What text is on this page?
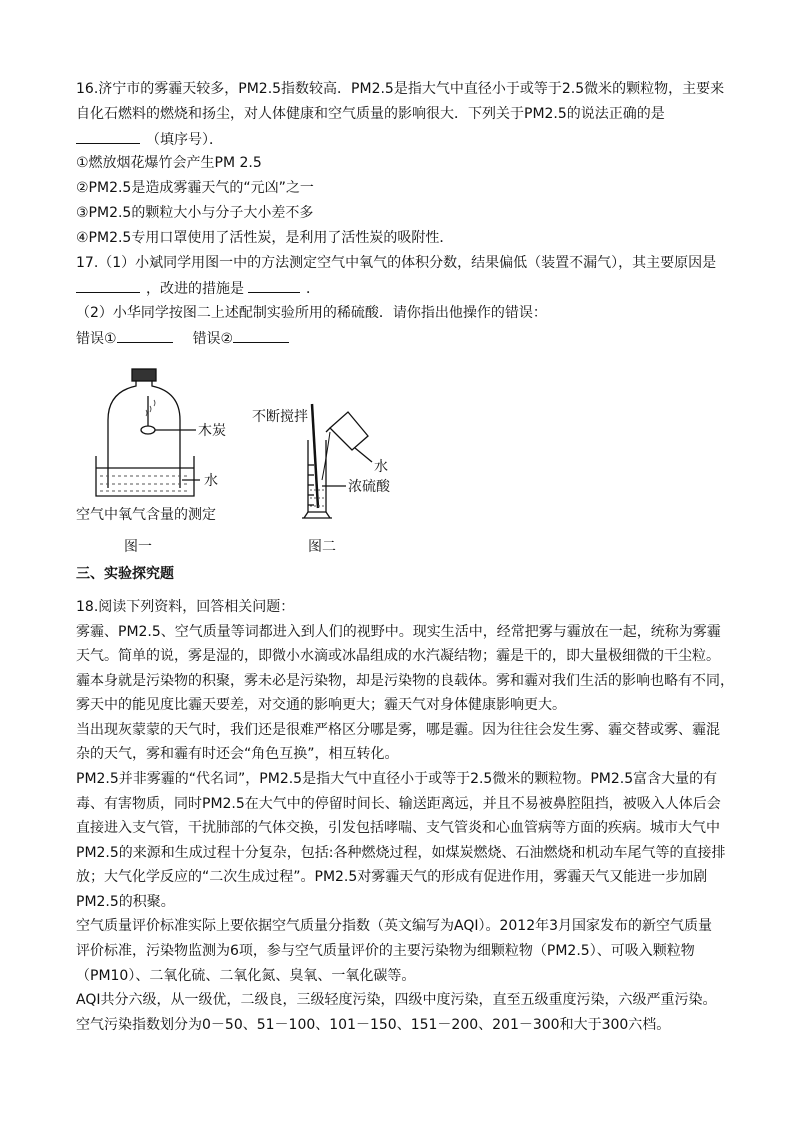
16.济宁市的雾霾天较多，PM2.5指数较高．PM2.5是指大气中直径小于或等于2.5微米的颗粒物，主要来
自化石燃料的燃烧和扬尘，对人体健康和空气质量的影响很大．下列关于PM2.5的说法正确的是
（填序号）．
①燃放烟花爆竹会产生PM 2.5
②PM2.5是造成雾霾天气的“元凶”之一
③PM2.5的颗粒大小与分子大小差不多
④PM2.5专用口罩使用了活性炭，是利用了活性炭的吸附性．
17.（1）小斌同学用图一中的方法测定空气中氧气的体积分数，结果偏低（装置不漏气），其主要原因是
，改进的措施是	．
（2）小华同学按图二上述配制实验所用的稀硫酸．请你指出他操作的错误：
错误①	错误②
木炭
水
空气中氧气含量的测定
图一
不断搅拌
水
浓硫酸
图二
三、实验探究题
18.阅读下列资料，回答相关问题：
雾霾、PM2.5、空气质量等词都进入到人们的视野中。现实生活中，经常把雾与霾放在一起，统称为雾霾
天气。简单的说，雾是湿的，即微小水滴或冰晶组成的水汽凝结物；霾是干的，即大量极细微的干尘粒。
霾本身就是污染物的积聚，雾未必是污染物，却是污染物的良载体。雾和霾对我们生活的影响也略有不同，
雾天中的能见度比霾天要差，对交通的影响更大；霾天气对身体健康影响更大。
当出现灰蒙蒙的天气时，我们还是很难严格区分哪是雾，哪是霾。因为往往会发生雾、霾交替或雾、霾混
杂的天气，雾和霾有时还会“角色互换”，相互转化。
PM2.5并非雾霾的“代名词”，PM2.5是指大气中直径小于或等于2.5微米的颗粒物。PM2.5富含大量的有
毒、有害物质，同时PM2.5在大气中的停留时间长、输送距离远，并且不易被鼻腔阻挡，被吸入人体后会
直接进入支气管，干扰肺部的气体交换，引发包括哮喘、支气管炎和心血管病等方面的疾病。城市大气中
PM2.5的来源和生成过程十分复杂，包括:各种燃烧过程，如煤炭燃烧、石油燃烧和机动车尾气等的直接排
放；大气化学反应的“二次生成过程”。PM2.5对雾霾天气的形成有促进作用，雾霾天气又能进一步加剧
PM2.5的积聚。
空气质量评价标准实际上要依据空气质量分指数（英文编写为AQI）。2012年3月国家发布的新空气质量
评价标准，污染物监测为6项，参与空气质量评价的主要污染物为细颗粒物（PM2.5）、可吸入颗粒物
（PM10）、二氧化硫、二氧化氮、臭氧、一氧化碳等。
AQI共分六级，从一级优，二级良，三级轻度污染，四级中度污染，直至五级重度污染，六级严重污染。
空气污染指数划分为0－50、51－100、101－150、151－200、201－300和大于300六档。
